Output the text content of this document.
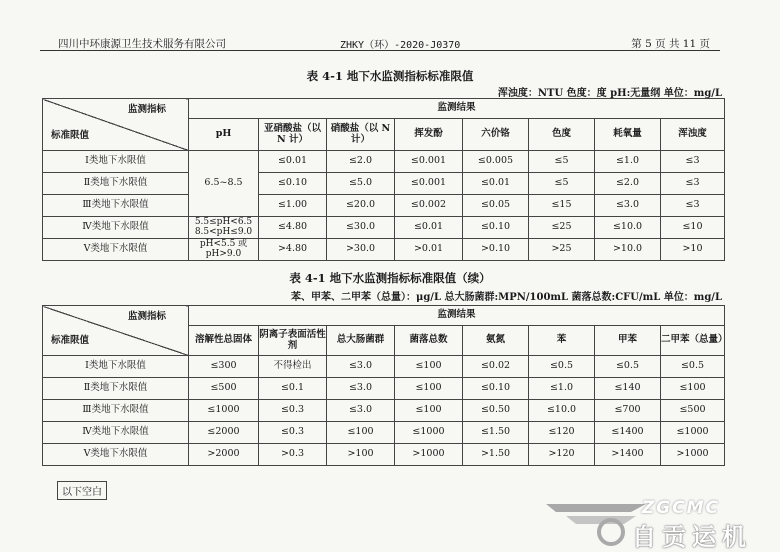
四川中环康源卫生技术服务有限公司	ZHKY（环）-2020-J0370	第 5 页 共 11 页
表 4-1 地下水监测指标标准限值
浑浊度：NTU 色度：度 pH:无量纲 单位：mg/L
监测指标
标准限值	监测结果							
	pH	亚硝酸盐（以 N 计）	硝酸盐（以 N 计）	挥发酚	六价铬	色度	耗氧量	浑浊度
Ⅰ类地下水限值	6.5~8.5	≤0.01	≤2.0	≤0.001	≤0.005	≤5	≤1.0	≤3
Ⅱ类地下水限值		≤0.10	≤5.0	≤0.001	≤0.01	≤5	≤2.0	≤3
Ⅲ类地下水限值		≤1.00	≤20.0	≤0.002	≤0.05	≤15	≤3.0	≤3
Ⅳ类地下水限值	5.5≤pH<6.5
8.5<pH≤9.0	≤4.80	≤30.0	≤0.01	≤0.10	≤25	≤10.0	≤10
Ⅴ类地下水限值	pH<5.5 或
pH>9.0	>4.80	>30.0	>0.01	>0.10	>25	>10.0	>10
表 4-1 地下水监测指标标准限值（续）
苯、甲苯、二甲苯（总量）：μg/L 总大肠菌群:MPN/100mL 菌落总数:CFU/mL 单位：mg/L
监测指标
标准限值	监测结果							
	溶解性总固体	阴离子表面活性剂	总大肠菌群	菌落总数	氨氮	苯	甲苯	二甲苯（总量）
Ⅰ类地下水限值	≤300	不得检出	≤3.0	≤100	≤0.02	≤0.5	≤0.5	≤0.5
Ⅱ类地下水限值	≤500	≤0.1	≤3.0	≤100	≤0.10	≤1.0	≤140	≤100
Ⅲ类地下水限值	≤1000	≤0.3	≤3.0	≤100	≤0.50	≤10.0	≤700	≤500
Ⅳ类地下水限值	≤2000	≤0.3	≤100	≤1000	≤1.50	≤120	≤1400	≤1000
Ⅴ类地下水限值	>2000	>0.3	>100	>1000	>1.50	>120	>1400	>1000
以下空白
ZGCMC
自贡运机
